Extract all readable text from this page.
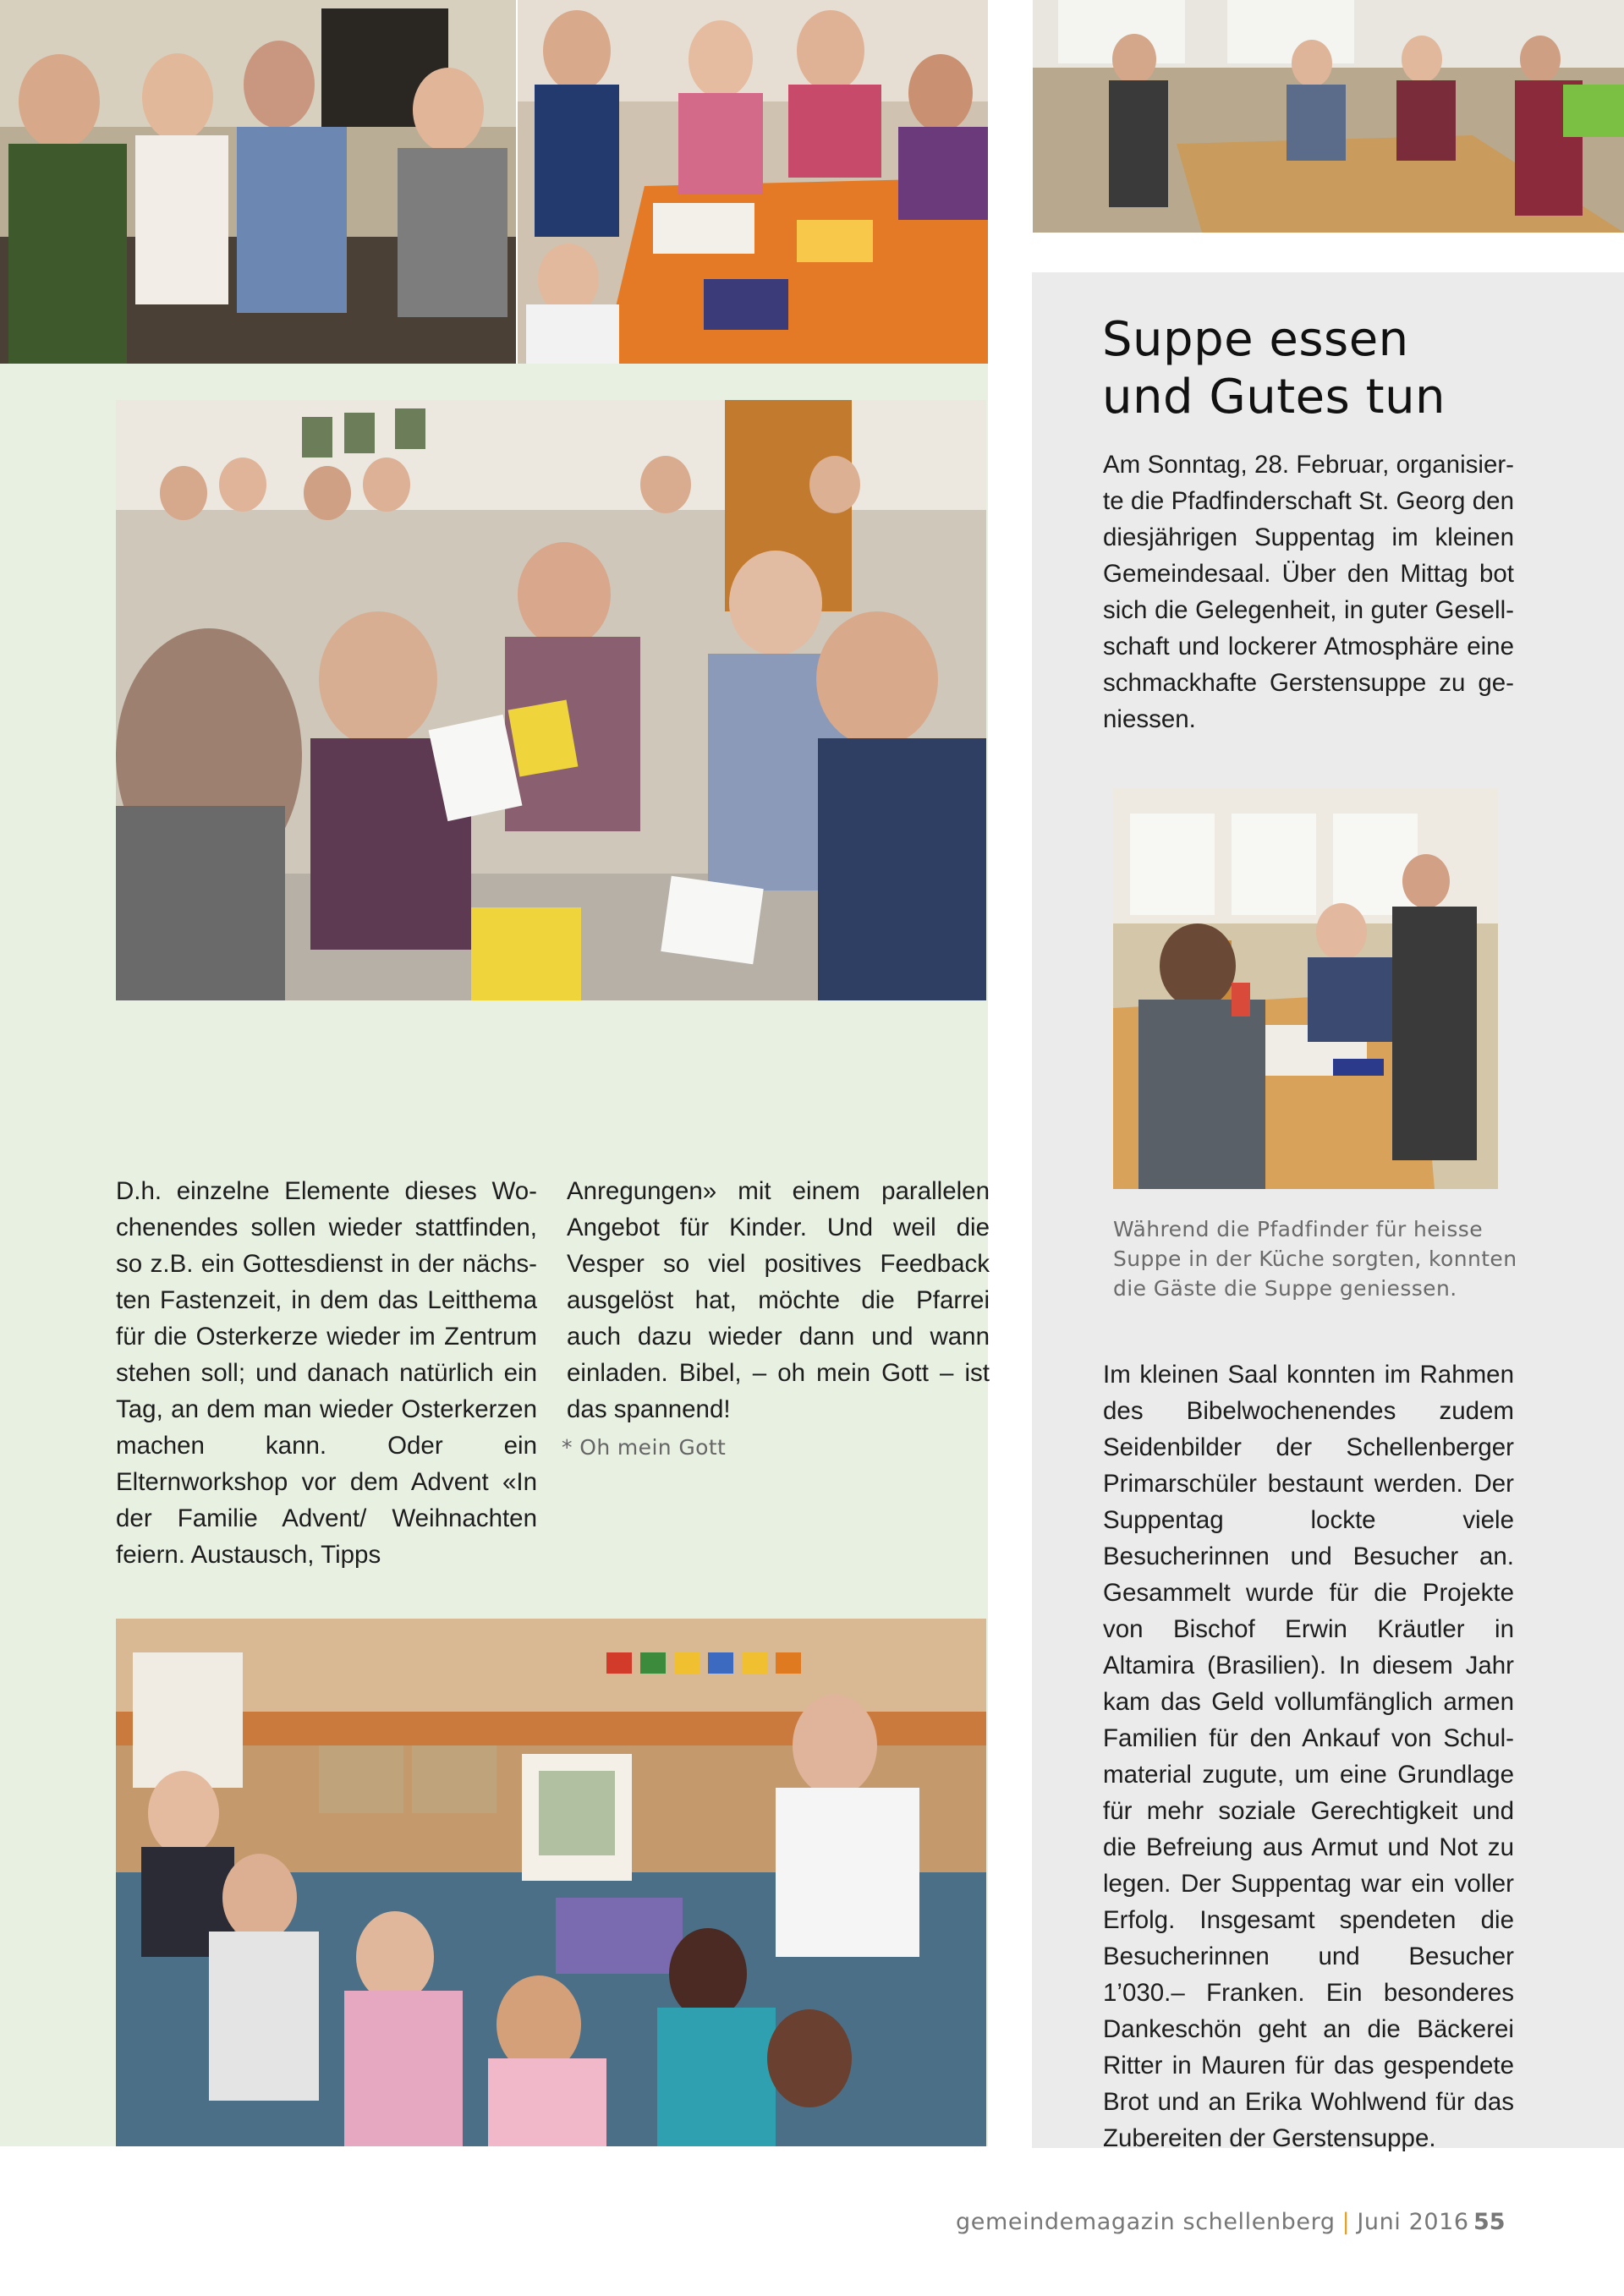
Suppe essen
und Gutes tun
Am Sonntag, 28. Februar, organisierte die Pfadfinderschaft St. Georg den diesjährigen Suppentag im kleinen Gemeindesaal. Über den Mittag bot sich die Gelegenheit, in guter Gesellschaft und lockerer Atmosphäre eine schmackhafte Gerstensuppe zu geniessen.
Während die Pfadfinder für heisse Suppe in der Küche sorgten, konnten die Gäste die Suppe geniessen.
Im kleinen Saal konnten im Rahmen des Bibelwochenendes zudem Seidenbilder der Schellenberger Primarschüler bestaunt werden. Der Suppentag lockte viele Besucherinnen und Besucher an. Gesammelt wurde für die Projekte von Bischof Erwin Kräutler in Altamira (Brasilien). In diesem Jahr kam das Geld vollumfänglich armen Familien für den Ankauf von Schulmaterial zugute, um eine Grundlage für mehr soziale Gerechtigkeit und die Befreiung aus Armut und Not zu legen. Der Suppentag war ein voller Erfolg. Insgesamt spendeten die Besucherinnen und Besucher 1’030.– Franken. Ein besonderes Dankeschön geht an die Bäckerei Ritter in Mauren für das gespendete Brot und an Erika Wohlwend für das Zubereiten der Gerstensuppe.
D.h. einzelne Elemente dieses Wochenendes sollen wieder stattfinden, so z.B. ein Gottesdienst in der nächsten Fastenzeit, in dem das Leitthema für die Osterkerze wieder im Zentrum stehen soll; und danach natürlich ein Tag, an dem man wieder Osterkerzen machen kann. Oder ein Elternworkshop vor dem Advent «In der Familie Advent/ Weihnachten feiern. Austausch, Tipps
Anregungen» mit einem parallelen Angebot für Kinder. Und weil die Vesper so viel positives Feedback ausgelöst hat, möchte die Pfarrei auch dazu wieder dann und wann einladen. Bibel, – oh mein Gott – ist das spannend!
* Oh mein Gott
gemeindemagazin schellenberg | Juni 2016 55
